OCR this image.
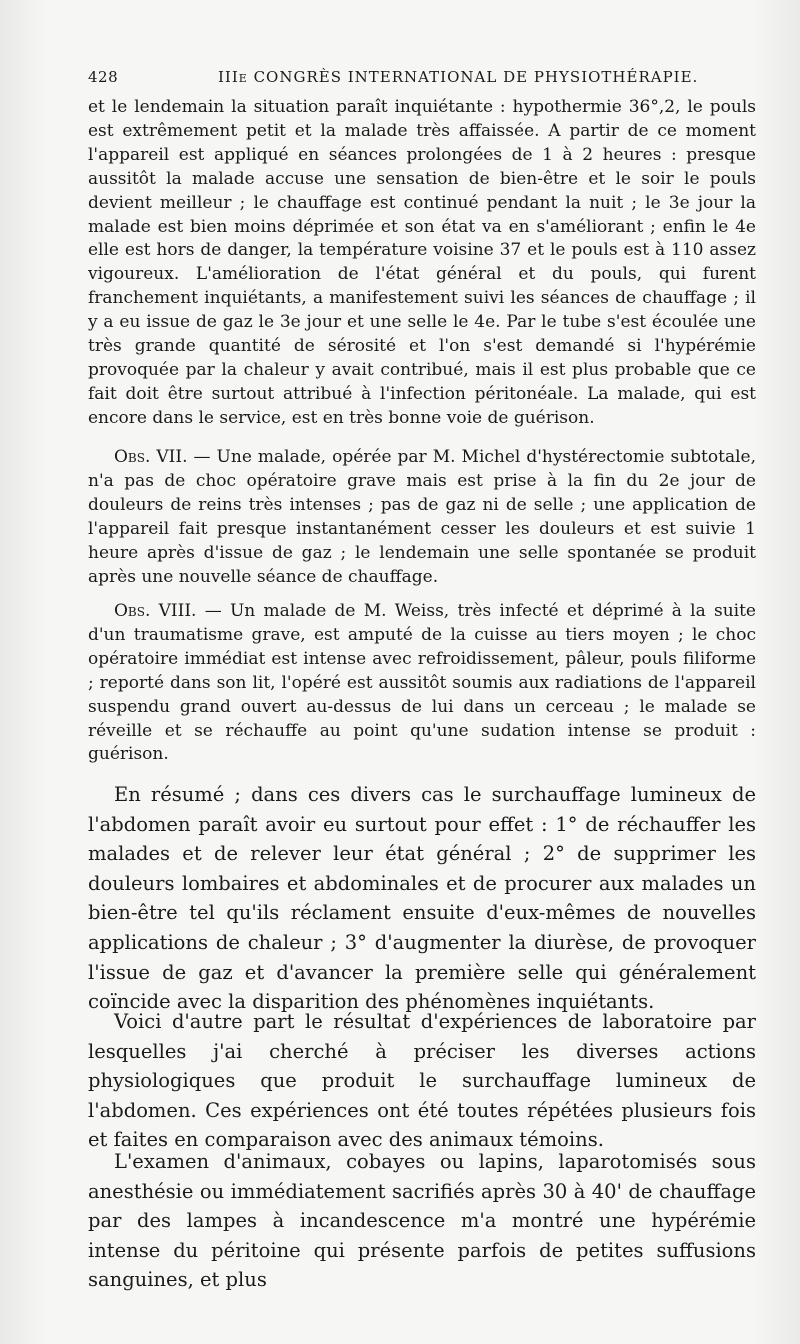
428	IIIe CONGRÈS INTERNATIONAL DE PHYSIOTHÉRAPIE.

et le lendemain la situation paraît inquiétante : hypothermie 36°,2, le pouls est extrêmement petit et la malade très affaissée. A partir de ce moment l'appareil est appliqué en séances prolongées de 1 à 2 heures : presque aussitôt la malade accuse une sensation de bien-être et le soir le pouls devient meilleur ; le chauffage est continué pendant la nuit ; le 3e jour la malade est bien moins déprimée et son état va en s'améliorant ; enfin le 4e elle est hors de danger, la température voisine 37 et le pouls est à 110 assez vigoureux. L'amélioration de l'état général et du pouls, qui furent franchement inquiétants, a manifestement suivi les séances de chauffage ; il y a eu issue de gaz le 3e jour et une selle le 4e. Par le tube s'est écoulée une très grande quantité de sérosité et l'on s'est demandé si l'hypérémie provoquée par la chaleur y avait contribué, mais il est plus probable que ce fait doit être surtout attribué à l'infection péritonéale. La malade, qui est encore dans le service, est en très bonne voie de guérison.

Obs. VII. — Une malade, opérée par M. Michel d'hystérectomie subtotale, n'a pas de choc opératoire grave mais est prise à la fin du 2e jour de douleurs de reins très intenses ; pas de gaz ni de selle ; une application de l'appareil fait presque instantanément cesser les douleurs et est suivie 1 heure après d'issue de gaz ; le lendemain une selle spontanée se produit après une nouvelle séance de chauffage.

Obs. VIII. — Un malade de M. Weiss, très infecté et déprimé à la suite d'un traumatisme grave, est amputé de la cuisse au tiers moyen ; le choc opératoire immédiat est intense avec refroidissement, pâleur, pouls filiforme ; reporté dans son lit, l'opéré est aussitôt soumis aux radiations de l'appareil suspendu grand ouvert au-dessus de lui dans un cerceau ; le malade se réveille et se réchauffe au point qu'une sudation intense se produit : guérison.

En résumé ; dans ces divers cas le surchauffage lumineux de l'abdomen paraît avoir eu surtout pour effet : 1° de réchauffer les malades et de relever leur état général ; 2° de supprimer les douleurs lombaires et abdominales et de procurer aux malades un bien-être tel qu'ils réclament ensuite d'eux-mêmes de nouvelles applications de chaleur ; 3° d'augmenter la diurèse, de provoquer l'issue de gaz et d'avancer la première selle qui généralement coïncide avec la disparition des phénomènes inquiétants.

Voici d'autre part le résultat d'expériences de laboratoire par lesquelles j'ai cherché à préciser les diverses actions physiologiques que produit le surchauffage lumineux de l'abdomen. Ces expériences ont été toutes répétées plusieurs fois et faites en comparaison avec des animaux témoins.

L'examen d'animaux, cobayes ou lapins, laparotomisés sous anesthésie ou immédiatement sacrifiés après 30 à 40' de chauffage par des lampes à incandescence m'a montré une hypérémie intense du péritoine qui présente parfois de petites suffusions sanguines, et plus
